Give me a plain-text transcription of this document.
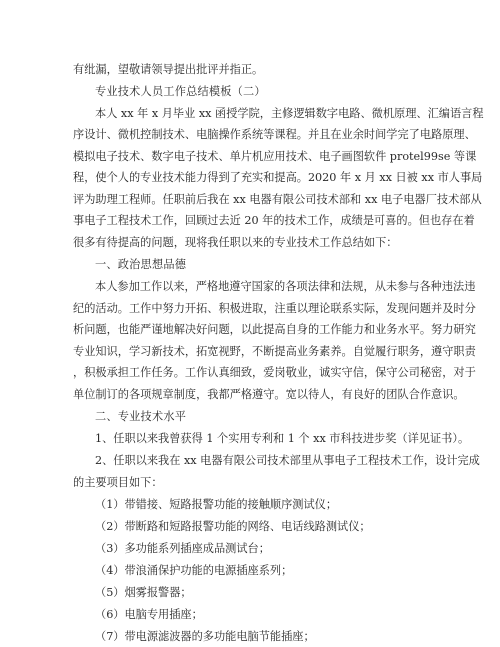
有纰漏，望敬请领导提出批评并指正。
专业技术人员工作总结模板（二）
本人 xx 年 x 月毕业 xx 函授学院，主修逻辑数字电路、微机原理、汇编语言程
序设计、微机控制技术、电脑操作系统等课程。并且在业余时间学完了电路原理、
模拟电子技术、数字电子技术、单片机应用技术、电子画图软件 protel99se 等课
程，使个人的专业技术能力得到了充实和提高。2020 年 x 月 xx 日被 xx 市人事局
评为助理工程师。任职前后我在 xx 电器有限公司技术部和 xx 电子电器厂技术部从
事电子工程技术工作，回顾过去近 20 年的技术工作，成绩是可喜的。但也存在着
很多有待提高的问题，现将我任职以来的专业技术工作总结如下：
一、政治思想品德
本人参加工作以来，严格地遵守国家的各项法律和法规，从未参与各种违法违
纪的活动。工作中努力开拓、积极进取，注重以理论联系实际，发现问题并及时分
析问题，也能严谨地解决好问题，以此提高自身的工作能力和业务水平。努力研究
专业知识，学习新技术，拓宽视野，不断提高业务素养。自觉履行职务，遵守职责
，积极承担工作任务。工作认真细致，爱岗敬业，诚实守信，保守公司秘密，对于
单位制订的各项规章制度，我都严格遵守。宽以待人，有良好的团队合作意识。
二、专业技术水平
1、任职以来我曾获得 1 个实用专利和 1 个 xx 市科技进步奖（详见证书）。
2、任职以来我在 xx 电器有限公司技术部里从事电子工程技术工作，设计完成
的主要项目如下：
（1）带错接、短路报警功能的接触顺序测试仪；
（2）带断路和短路报警功能的网络、电话线路测试仪；
（3）多功能系列插座成品测试台；
（4）带浪涌保护功能的电源插座系列；
（5）烟雾报警器；
（6）电脑专用插座；
（7）带电源滤波器的多功能电脑节能插座；
